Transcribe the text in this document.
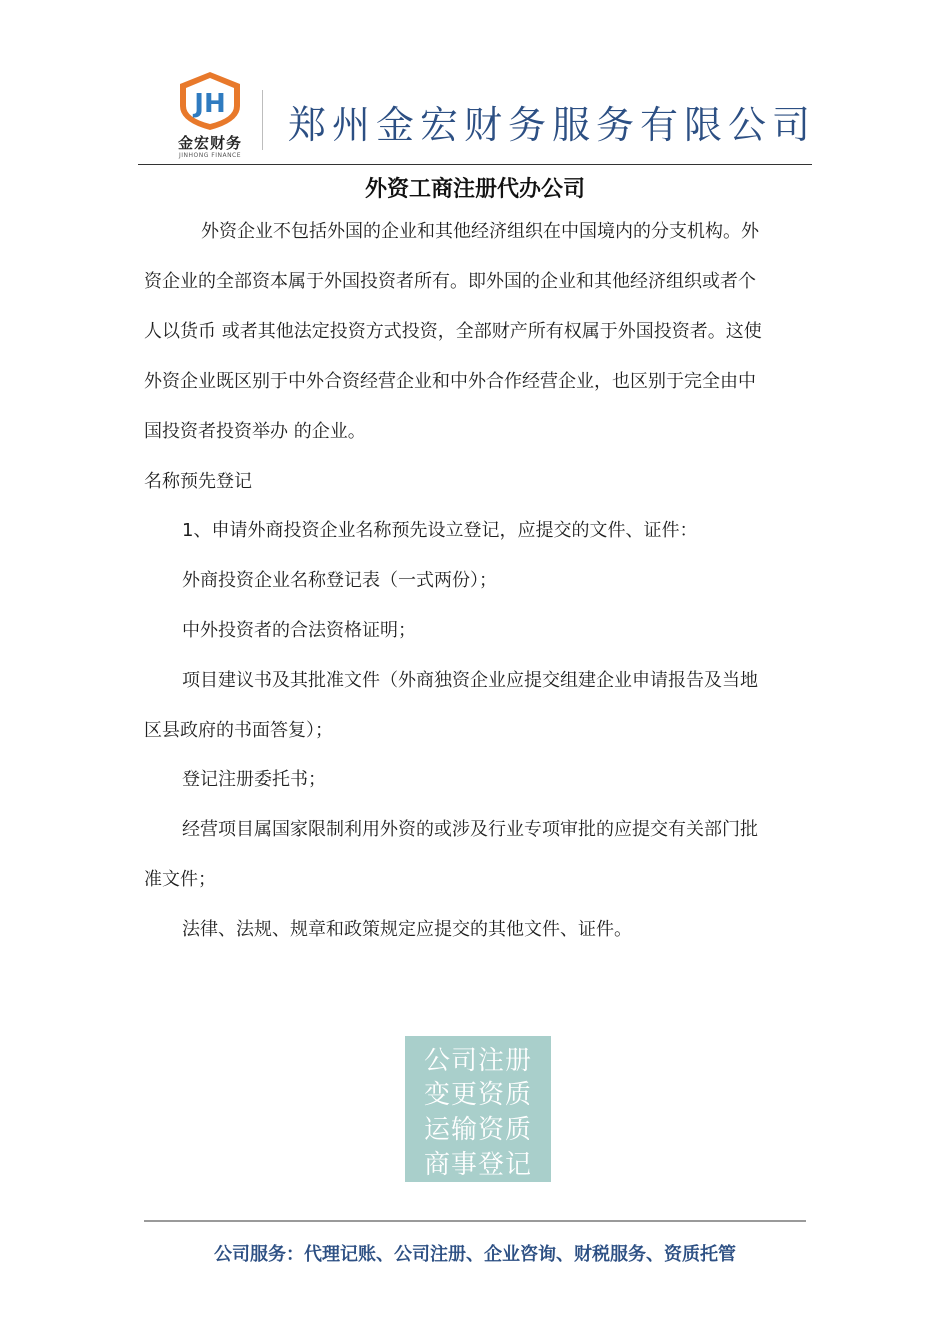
JH
金宏财务
JINHONG FINANCE
郑州金宏财务服务有限公司
外资工商注册代办公司
外资企业不包括外国的企业和其他经济组织在中国境内的分支机构。外
资企业的全部资本属于外国投资者所有。即外国的企业和其他经济组织或者个
人以货币 或者其他法定投资方式投资，全部财产所有权属于外国投资者。这使
外资企业既区别于中外合资经营企业和中外合作经营企业，也区别于完全由中
国投资者投资举办 的企业。
名称预先登记
1、申请外商投资企业名称预先设立登记，应提交的文件、证件：
外商投资企业名称登记表（一式两份）；
中外投资者的合法资格证明；
项目建议书及其批准文件（外商独资企业应提交组建企业申请报告及当地
区县政府的书面答复）；
登记注册委托书；
经营项目属国家限制利用外资的或涉及行业专项审批的应提交有关部门批
准文件；
法律、法规、规章和政策规定应提交的其他文件、证件。
公司注册
变更资质
运输资质
商事登记
公司服务：代理记账、公司注册、企业咨询、财税服务、资质托管
